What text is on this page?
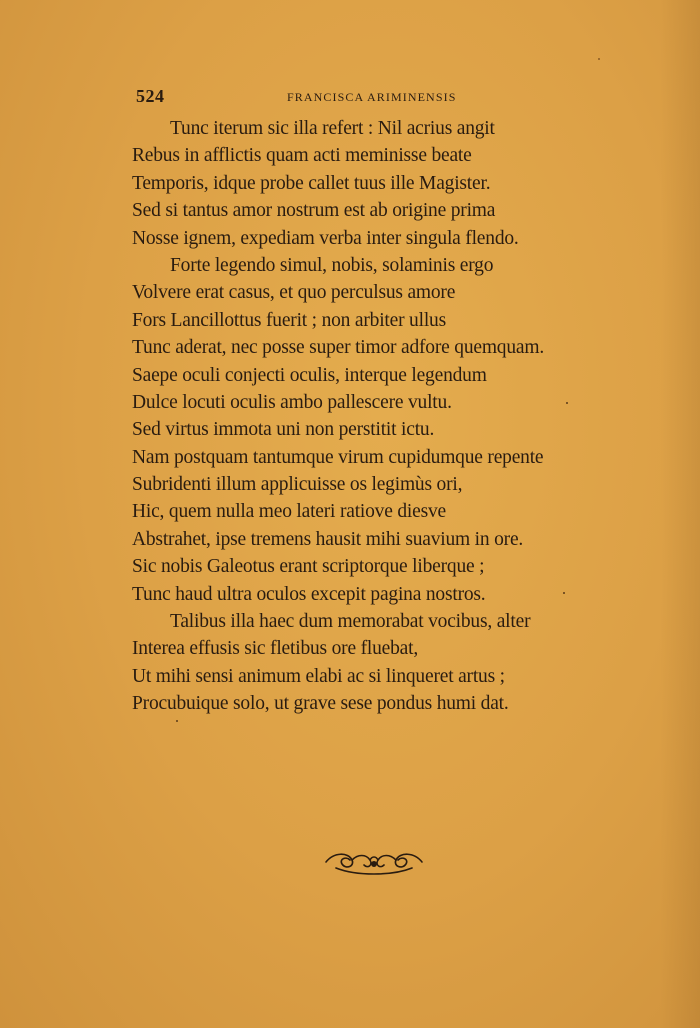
524	FRANCISCA ARIMINENSIS
Tunc iterum sic illa refert : Nil acrius angit
Rebus in afflictis quam acti meminisse beate
Temporis, idque probe callet tuus ille Magister.
Sed si tantus amor nostrum est ab origine prima
Nosse ignem, expediam verba inter singula flendo.
Forte legendo simul, nobis, solaminis ergo
Volvere erat casus, et quo perculsus amore
Fors Lancillottus fuerit ; non arbiter ullus
Tunc aderat, nec posse super timor adfore quemquam.
Saepe oculi conjecti oculis, interque legendum
Dulce locuti oculis ambo pallescere vultu.
Sed virtus immota uni non perstitit ictu.
Nam postquam tantumque virum cupidumque repente
Subridenti illum applicuisse os legimùs ori,
Hic, quem nulla meo lateri ratiove diesve
Abstrahet, ipse tremens hausit mihi suavium in ore.
Sic nobis Galeotus erant scriptorque liberque ;
Tunc haud ultra oculos excepit pagina nostros.
Talibus illa haec dum memorabat vocibus, alter
Interea effusis sic fletibus ore fluebat,
Ut mihi sensi animum elabi ac si linqueret artus ;
Procubuique solo, ut grave sese pondus humi dat.
